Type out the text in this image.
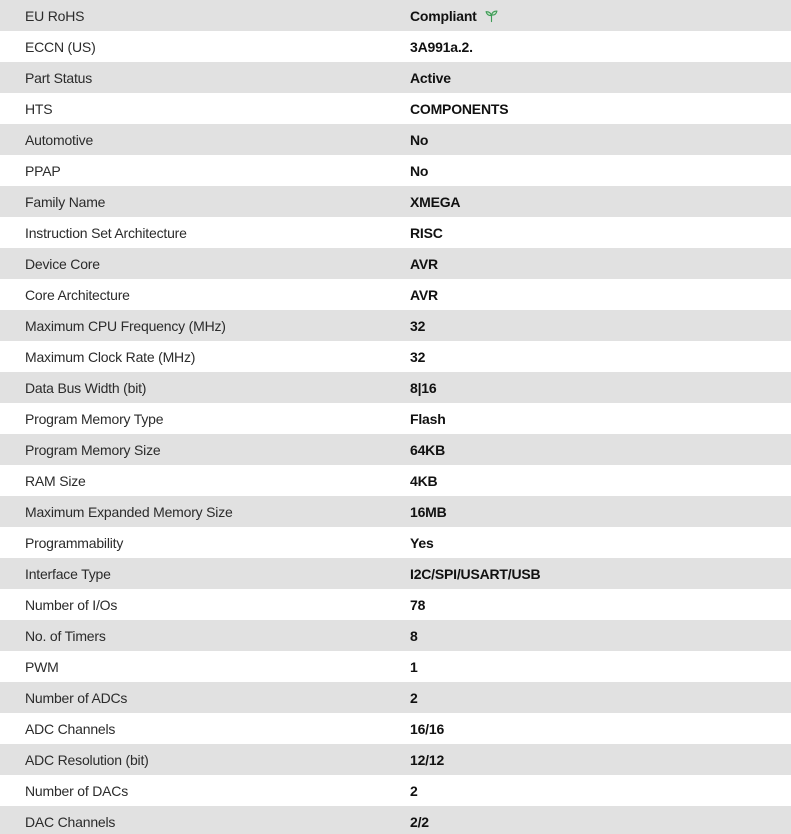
EU RoHS	Compliant
ECCN (US)	3A991a.2.
Part Status	Active
HTS	COMPONENTS
Automotive	No
PPAP	No
Family Name	XMEGA
Instruction Set Architecture	RISC
Device Core	AVR
Core Architecture	AVR
Maximum CPU Frequency (MHz)	32
Maximum Clock Rate (MHz)	32
Data Bus Width (bit)	8|16
Program Memory Type	Flash
Program Memory Size	64KB
RAM Size	4KB
Maximum Expanded Memory Size	16MB
Programmability	Yes
Interface Type	I2C/SPI/USART/USB
Number of I/Os	78
No. of Timers	8
PWM	1
Number of ADCs	2
ADC Channels	16/16
ADC Resolution (bit)	12/12
Number of DACs	2
DAC Channels	2/2
